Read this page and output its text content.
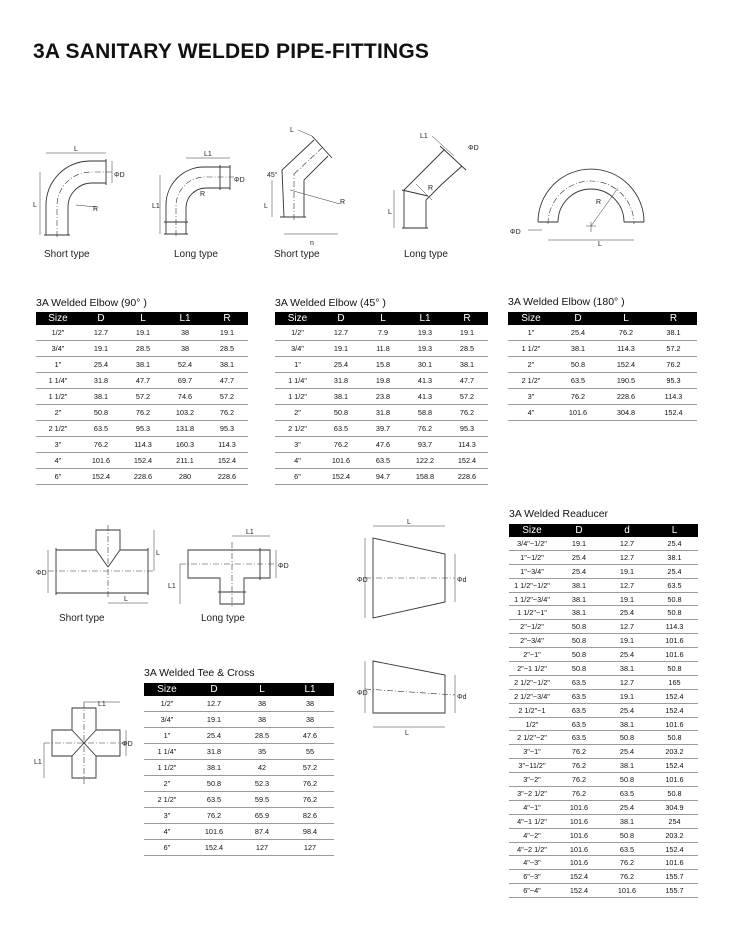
3A SANITARY WELDED PIPE-FITTINGS
L
L
ΦD
R
Short type
L1
L1
ΦD
R
Long type
45°
L
R
n
L
Short type
ΦD
R
L
L1
Long type
ΦD
R
L
3A Welded Elbow (90° )
Size	D	L	L1	R
1/2"	12.7	19.1	38	19.1
3/4"	19.1	28.5	38	28.5
1"	25.4	38.1	52.4	38.1
1 1/4"	31.8	47.7	69.7	47.7
1 1/2"	38.1	57.2	74.6	57.2
2"	50.8	76.2	103.2	76.2
2 1/2"	63.5	95.3	131.8	95.3
3"	76.2	114.3	160.3	114.3
4"	101.6	152.4	211.1	152.4
6"	152.4	228.6	280	228.6
3A Welded Elbow (45° )
Size	D	L	L1	R
1/2"	12.7	7.9	19.3	19.1
3/4"	19.1	11.8	19.3	28.5
1"	25.4	15.8	30.1	38.1
1 1/4"	31.8	19.8	41.3	47.7
1 1/2"	38.1	23.8	41.3	57.2
2"	50.8	31.8	58.8	76.2
2 1/2"	63.5	39.7	76.2	95.3
3"	76.2	47.6	93.7	114.3
4"	101.6	63.5	122.2	152.4
6"	152.4	94.7	158.8	228.6
3A Welded Elbow (180° )
Size	D	L	R
1"	25.4	76.2	38.1
1 1/2"	38.1	114.3	57.2
2"	50.8	152.4	76.2
2 1/2"	63.5	190.5	95.3
3"	76.2	228.6	114.3
4"	101.6	304.8	152.4
ΦD
L
L
Short type
L1
L1
ΦD
Long type
L
ΦD	Φd
L
ΦD
Φd
L1
L1
ΦD
3A Welded Tee & Cross
Size	D	L	L1
1/2"	12.7	38	38
3/4"	19.1	38	38
1"	25.4	28.5	47.6
1 1/4"	31.8	35	55
1 1/2"	38.1	42	57.2
2"	50.8	52.3	76.2
2 1/2"	63.5	59.5	76.2
3"	76.2	65.9	82.6
4"	101.6	87.4	98.4
6"	152.4	127	127
3A Welded Readucer
Size	D	d	L
3/4"~1/2"	19.1	12.7	25.4
1"~1/2"	25.4	12.7	38.1
1"~3/4"	25.4	19.1	25.4
1 1/2"~1/2"	38.1	12.7	63.5
1 1/2"~3/4"	38.1	19.1	50.8
1 1/2"~1"	38.1	25.4	50.8
2"~1/2"	50.8	12.7	114.3
2"~3/4"	50.8	19.1	101.6
2"~1"	50.8	25.4	101.6
2"~1 1/2"	50.8	38.1	50.8
2 1/2"~1/2"	63.5	12.7	165
2 1/2"~3/4"	63.5	19.1	152.4
2 1/2"~1	63.5	25.4	152.4
1/2"	63.5	38.1	101.6
2 1/2"~2"	63.5	50.8	50.8
3"~1"	76.2	25.4	203.2
3"~11/2"	76.2	38.1	152.4
3"~2"	76.2	50.8	101.6
3"~2 1/2"	76.2	63.5	50.8
4"~1"	101.6	25.4	304.9
4"~1 1/2"	101.6	38.1	254
4"~2"	101.6	50.8	203.2
4"~2 1/2"	101.6	63.5	152.4
4"~3"	101.6	76.2	101.6
6"~3"	152.4	76.2	155.7
6"~4"	152.4	101.6	155.7
